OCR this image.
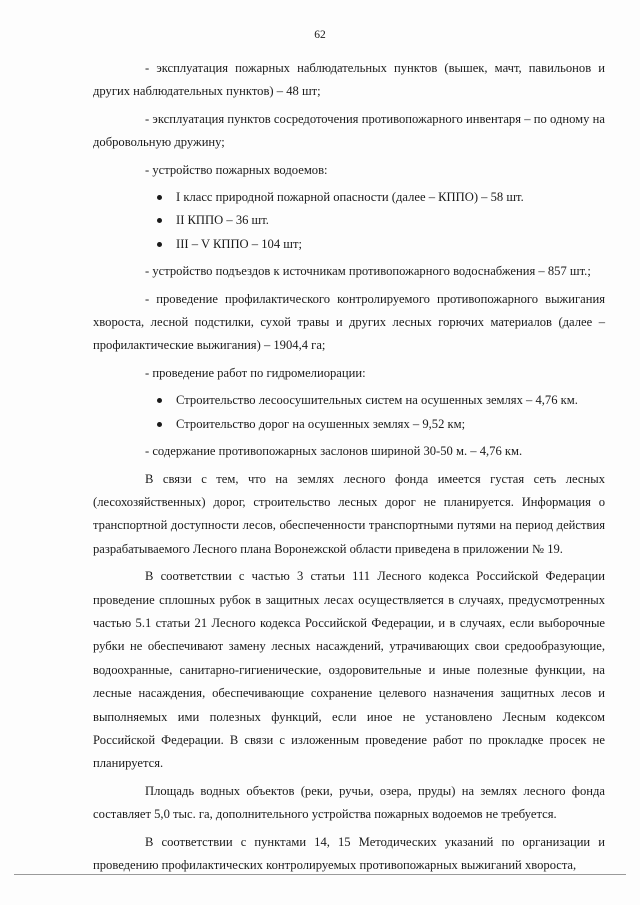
62

- эксплуатация пожарных наблюдательных пунктов (вышек, мачт, павильонов и других наблюдательных пунктов) – 48 шт;

- эксплуатация пунктов сосредоточения противопожарного инвентаря – по одному на добровольную дружину;

- устройство пожарных водоемов:

I класс природной пожарной опасности (далее – КППО) – 58 шт.
II КППО – 36 шт.
III – V КППО – 104 шт;

- устройство подъездов к источникам противопожарного водоснабжения – 857 шт.;

- проведение профилактического контролируемого противопожарного выжигания хворостa, лесной подстилки, сухой травы и других лесных горючих материалов (далее – профилактические выжигания) – 1904,4 га;

- проведение работ по гидромелиорации:

Строительство лесоосушительных систем на осушенных землях – 4,76 км.
Строительство дорог на осушенных землях – 9,52 км;

- содержание противопожарных заслонов шириной 30-50 м. – 4,76 км.

В связи с тем, что на землях лесного фонда имеется густая сеть лесных (лесохозяйственных) дорог, строительство лесных дорог не планируется. Информация о транспортной доступности лесов, обеспеченности транспортными путями на период действия разрабатываемого Лесного плана Воронежской области приведена в приложении № 19.

В соответствии с частью 3 статьи 111 Лесного кодекса Российской Федерации проведение сплошных рубок в защитных лесах осуществляется в случаях, предусмотренных частью 5.1 статьи 21 Лесного кодекса Российской Федерации, и в случаях, если выборочные рубки не обеспечивают замену лесных насаждений, утрачивающих свои средообразующие, водоохранные, санитарно-гигиенические, оздоровительные и иные полезные функции, на лесные насаждения, обеспечивающие сохранение целевого назначения защитных лесов и выполняемых ими полезных функций, если иное не установлено Лесным кодексом Российской Федерации. В связи с изложенным проведение работ по прокладке просек не планируется.

Площадь водных объектов (реки, ручьи, озера, пруды) на землях лесного фонда составляет 5,0 тыс. га, дополнительного устройства пожарных водоемов не требуется.

В соответствии с пунктами 14, 15 Методических указаний по организации и проведению профилактических контролируемых противопожарных выжиганий хворостa,
